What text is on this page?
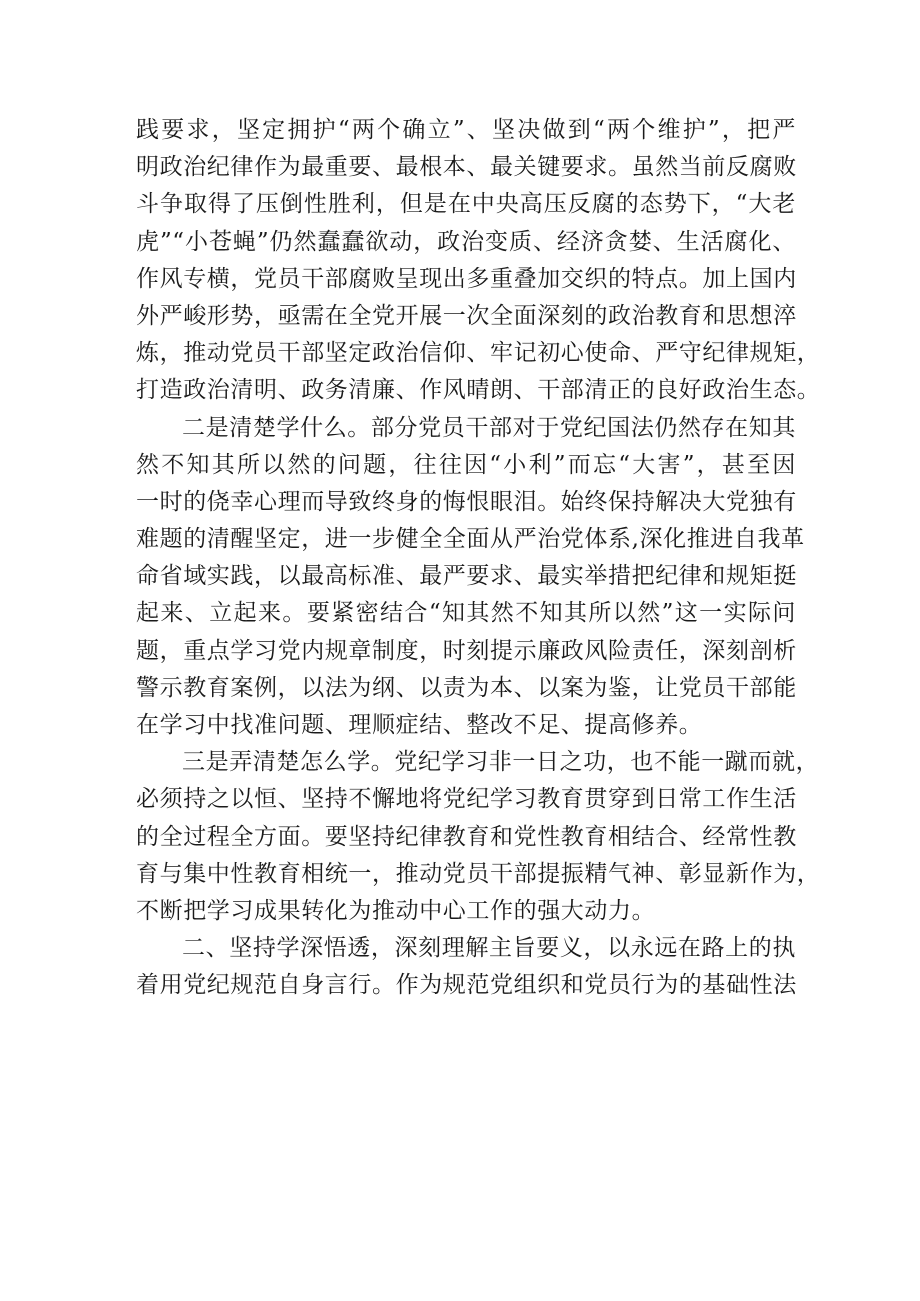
践要求，坚定拥护“两个确立”、坚决做到“两个维护”，把严
明政治纪律作为最重要、最根本、最关键要求。虽然当前反腐败
斗争取得了压倒性胜利，但是在中央高压反腐的态势下，“大老
虎”“小苍蝇”仍然蠢蠢欲动，政治变质、经济贪婪、生活腐化、
作风专横，党员干部腐败呈现出多重叠加交织的特点。加上国内
外严峻形势，亟需在全党开展一次全面深刻的政治教育和思想淬
炼，推动党员干部坚定政治信仰、牢记初心使命、严守纪律规矩，
打造政治清明、政务清廉、作风晴朗、干部清正的良好政治生态。
二是清楚学什么。部分党员干部对于党纪国法仍然存在知其
然不知其所以然的问题，往往因“小利”而忘“大害”，甚至因
一时的侥幸心理而导致终身的悔恨眼泪。始终保持解决大党独有
难题的清醒坚定，进一步健全全面从严治党体系,深化推进自我革
命省域实践，以最高标准、最严要求、最实举措把纪律和规矩挺
起来、立起来。要紧密结合“知其然不知其所以然”这一实际问
题，重点学习党内规章制度，时刻提示廉政风险责任，深刻剖析
警示教育案例，以法为纲、以责为本、以案为鉴，让党员干部能
在学习中找准问题、理顺症结、整改不足、提高修养。
三是弄清楚怎么学。党纪学习非一日之功，也不能一蹴而就，
必须持之以恒、坚持不懈地将党纪学习教育贯穿到日常工作生活
的全过程全方面。要坚持纪律教育和党性教育相结合、经常性教
育与集中性教育相统一，推动党员干部提振精气神、彰显新作为，
不断把学习成果转化为推动中心工作的强大动力。
二、坚持学深悟透，深刻理解主旨要义，以永远在路上的执
着用党纪规范自身言行。作为规范党组织和党员行为的基础性法
